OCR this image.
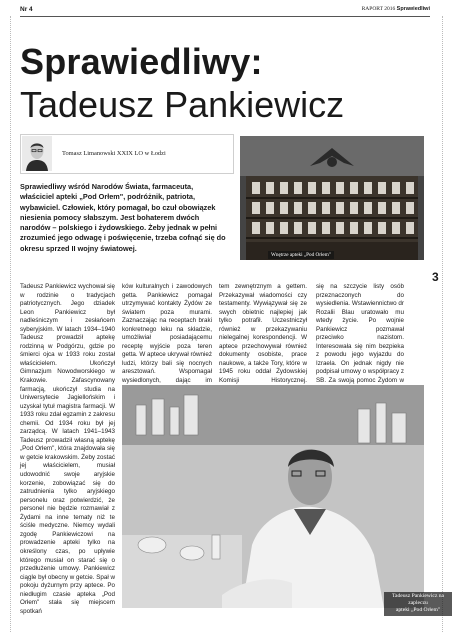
Nr 4	RAPORT 2016 Sprawiedliwi
Sprawiedliwy:
Tadeusz Pankiewicz
Tomasz Limanowski XXIX LO w Łodzi
Wnętrze apteki „Pod Orłem"
Sprawiedliwy wśród Narodów Świata, farmaceuta, właściciel apteki „Pod Orłem", podróżnik, patriota, wybawiciel. Człowiek, który pomagał, bo czuł obowiązek niesienia pomocy słabszym. Jest bohaterem dwóch narodów – polskiego i żydowskiego. Żeby jednak w pełni zrozumieć jego odwagę i poświęcenie, trzeba cofnąć się do okresu sprzed II wojny światowej.
Tadeusz Pankiewicz wychował się w rodzinie o tradycjach patriotycznych. Jego dziadek Leon Pankiewicz był nadleśniczym i zesłańcem syberyjskim. W latach 1934–1940 Tadeusz prowadził aptekę rodzinną w Podgórzu, gdzie po śmierci ojca w 1933 roku został właścicielem. Ukończył Gimnazjum Nowodworskiego w Krakowie. Zafascynowany farmacją, ukończył studia na Uniwersytecie Jagiellońskim i uzyskał tytuł magistra farmacji. W 1933 roku zdał egzamin z zakresu chemii. Od 1934 roku był jej zarządcą. W latach 1941–1943 Tadeusz prowadził własną aptekę „Pod Orłem", która znajdowała się w getcie krakowskim. Żeby zostać jej właścicielem, musiał udowodnić swoje aryjskie korzenie, zobowiązać się do zatrudnienia tylko aryjskiego personelu oraz potwierdzić, że personel nie będzie rozmawiał z Żydami na inne tematy niż te ściśle medyczne. Niemcy wydali zgodę Pankiewiczowi na prowadzenie apteki tylko na określony czas, po upływie którego musiał on starać się o przedłużenie umowy. Pankiewicz ciągle był obecny w getcie. Spał w pokoju dyżurnym przy aptece. Po niedługim czasie apteka „Pod Orłem" stała się miejscem spotkań
ków kulturalnych i zawodowych getta. Pankiewicz pomagał utrzymywać kontakty Żydów ze światem poza murami. Zaznaczając na receptach braki konkretnego leku na składzie, umożliwiał posiadającemu receptę wyjście poza teren getta. W aptece ukrywał również ludzi, którzy bali się nocnych aresztowań. Wspomagał wysiedlonych, dając im
tem zewnętrznym a gettem. Przekazywał wiadomości czy testamenty. Wywiązywał się ze swych obietnic najlepiej jak tylko potrafił. Uczestniczył również w przekazywaniu nielegalnej korespondencji. W aptece przechowywał również dokumenty osobiste, prace naukowe, a także Tory, które w 1945 roku oddał Żydowskiej Komisji Historycznej.
się na szczycie listy osób przeznaczonych do wysiedlenia. Wstawiennictwo dr Rozalii Blau uratowało mu wtedy życie. Po wojnie Pankiewicz pozmawał przeciwko nazistom. Interesowała się nim bezpieka z powodu jego wyjazdu do Izraela. On jednak nigdy nie podpisał umowy o współpracy z SB. Za swoją pomoc Żydom w
3
Tadeusz Pankiewicz na zapleczu
apteki „Pod Orłem"
